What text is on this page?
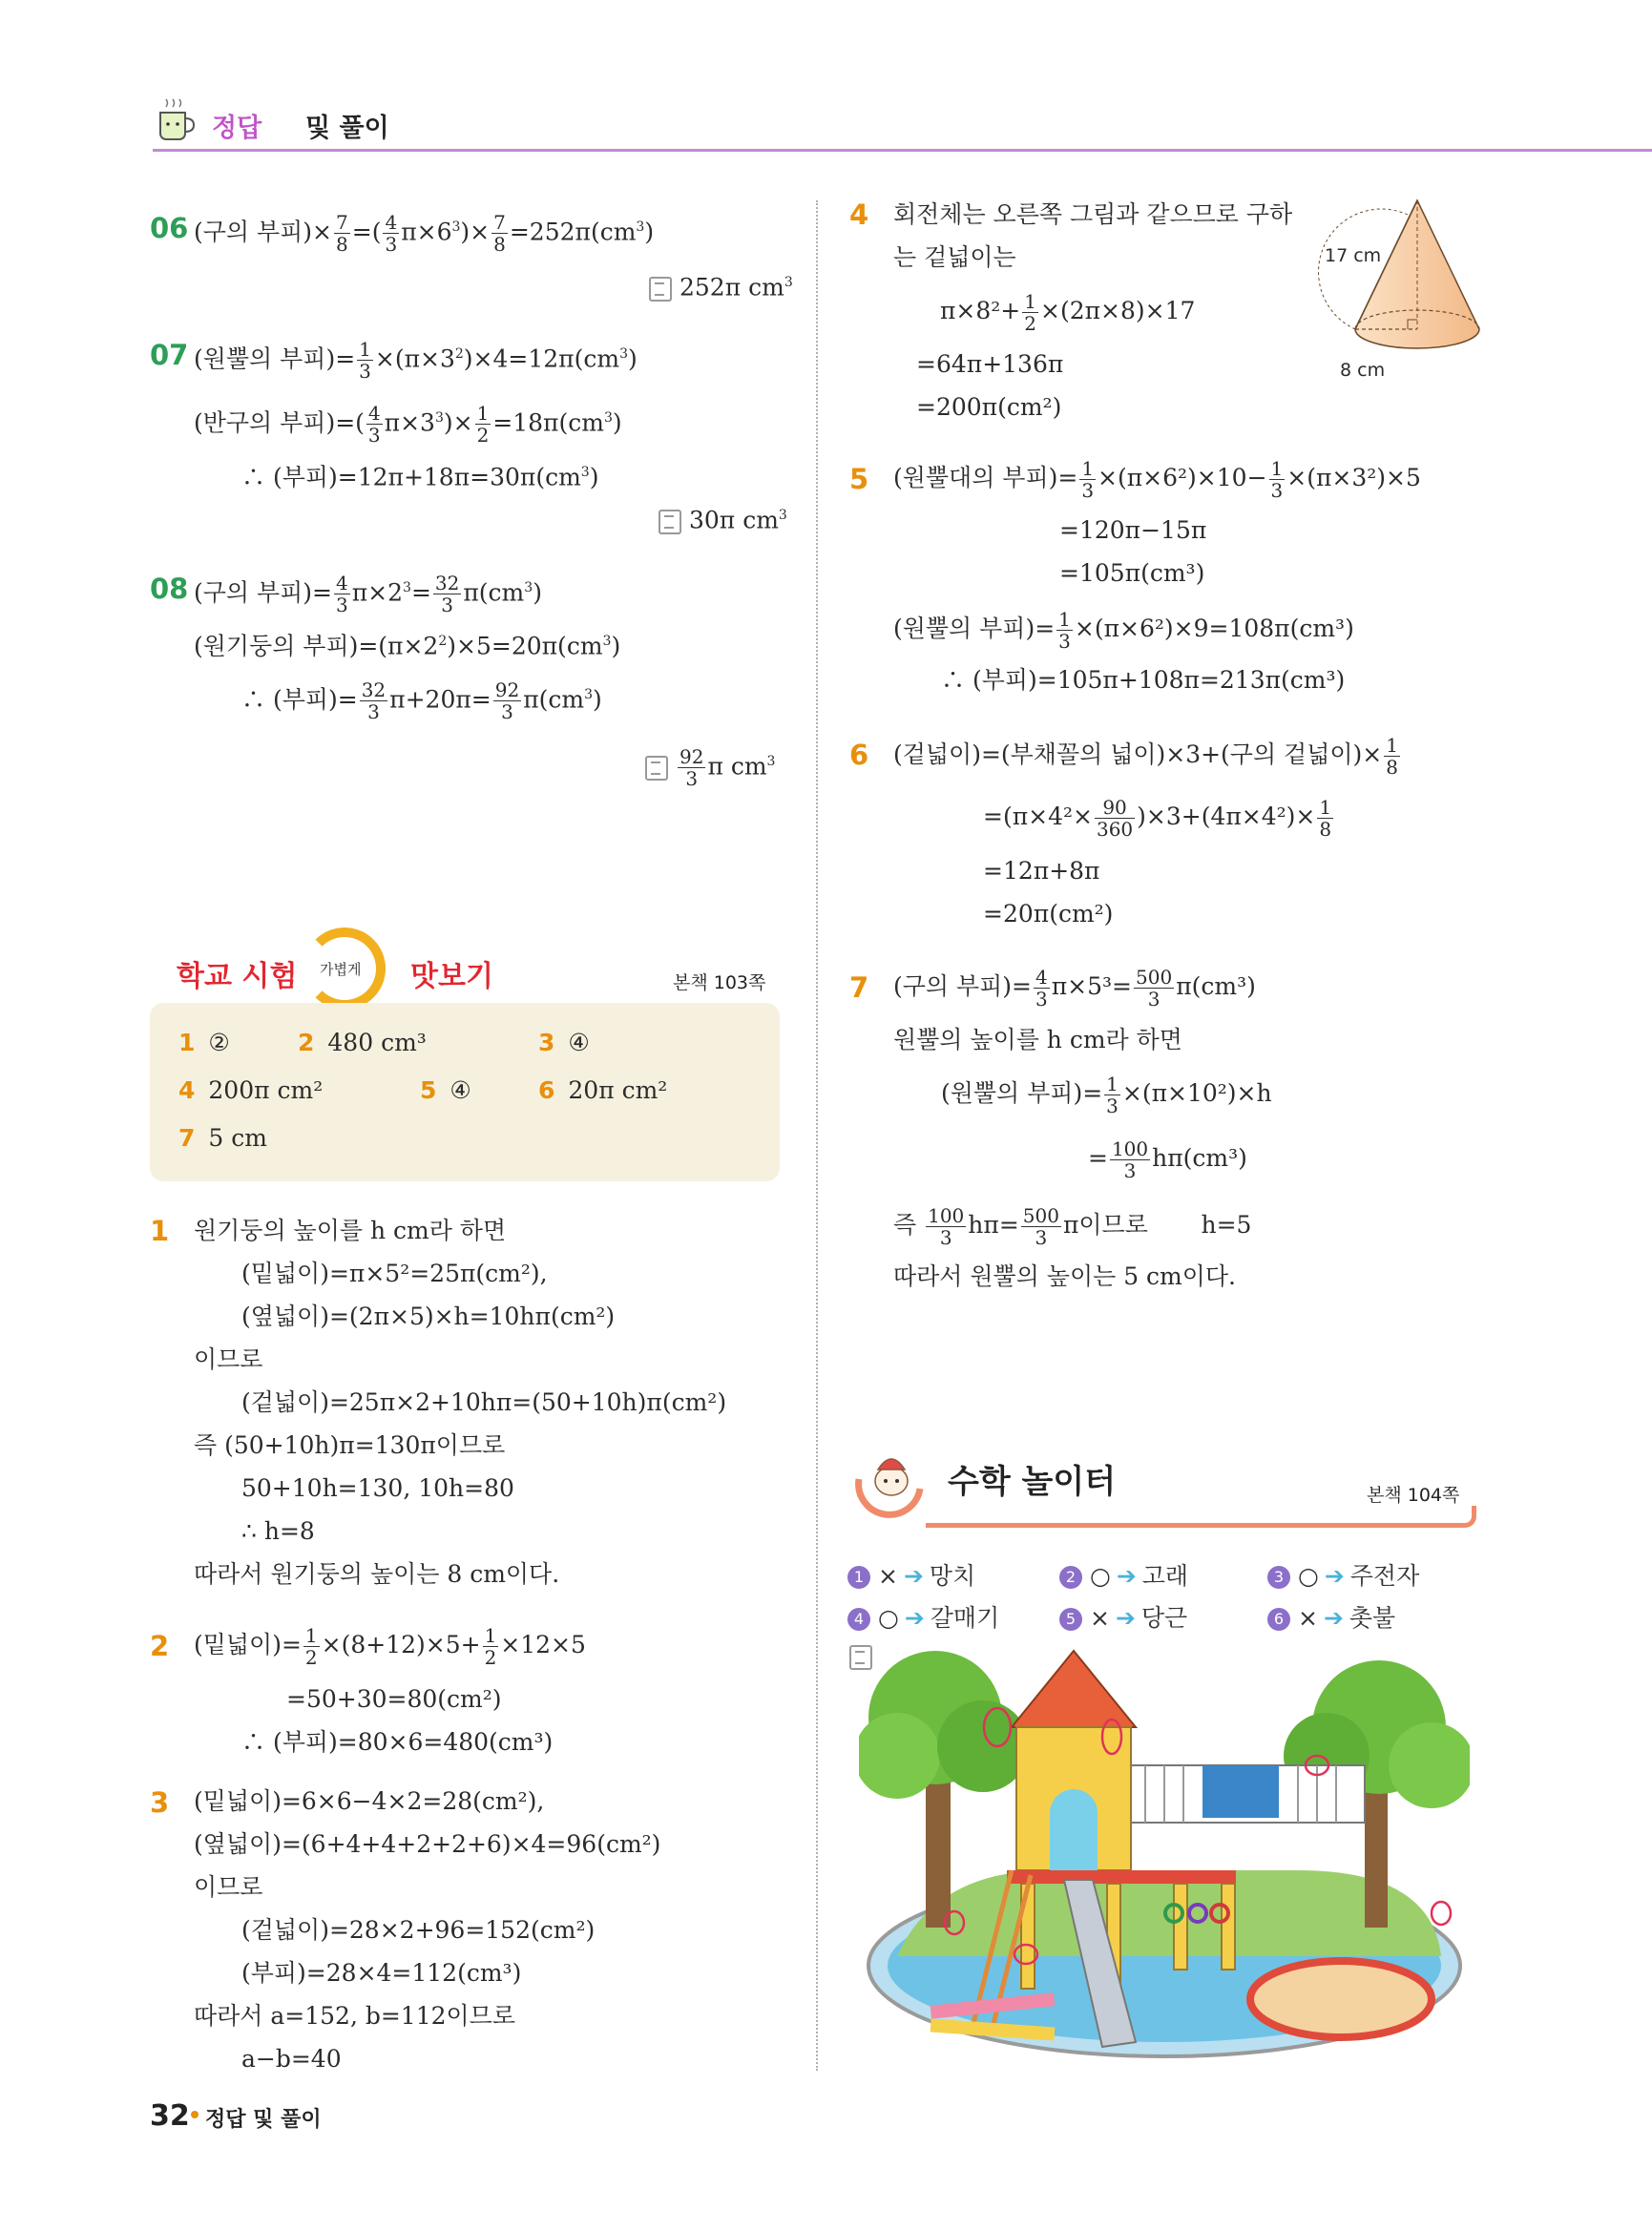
정답 및 풀이
06 (구의 부피)× $\frac{7}{8}$ =( $\frac{4}{3} \pi\times 6^3)\times \frac{7}{8} =252\pi(cm^3)$
252π $cm^3$
07 (원뿔의 부피)= $\frac{1}{3} \times(\pi\times 3^2)\times 4=12\pi(cm^3)$
(반구의 부피)=( $\frac{4}{3} \pi\times 3^3)\times \frac{1}{2} =18\pi(cm^3)$
∴ (부피)$=12\pi+18\pi=30\pi(cm^3)$
30π $cm^3$
08 (구의 부피)= $\frac{4}{3} \pi\times 2^3= \frac{32}{3} \pi(cm^3)$
(원기둥의 부피)$=(\pi\times 2^2)\times 5=20\pi(cm^3)$
∴ (부피)= $\frac{32}{3} \pi+20\pi= \frac{92}{3} \pi(cm^3)$
$\frac{92}{3}$ π $cm^3$
학교 시험 가볍게 맛보기	본책 103쪽
1 ②	2 480 cm³	3 ④
4 200π cm²	5 ④	6 20π cm²
7 5 cm
1 원기둥의 높이를 h cm라 하면
(밑넓이)=π×5²=25π(cm²),
(옆넓이)=(2π×5)×h=10hπ(cm²)
이므로
(겉넓이)=25π×2+10hπ=(50+10h)π(cm²)
즉 (50+10h)π=130π이므로
50+10h=130, 10h=80
∴ h=8
따라서 원기둥의 높이는 8 cm이다.
2 (밑넓이)= $\frac{1}{2} \times(8+12)\times 5+ \frac{1}{2} \times 12\times 5$
=50+30=80(cm²)
∴ (부피)=80×6=480(cm³)
3 (밑넓이)=6×6−4×2=28(cm²),
(옆넓이)=(6+4+4+2+2+6)×4=96(cm²)
이므로
(겉넓이)=28×2+96=152(cm²)
(부피)=28×4=112(cm³)
따라서 a=152, b=112이므로
a−b=40
4 회전체는 오른쪽 그림과 같으므로 구하
는 겉넓이는
$\pi\times 8^2+ \frac{1}{2} \times(2\pi\times 8)\times 17$
=64π+136π
=200π(cm²)
17 cm
8 cm
5 (원뿔대의 부피)= $\frac{1}{3} \times(\pi\times 6^2)\times 10- \frac{1}{3} \times(\pi\times 3^2)\times 5$
=120π−15π
=105π(cm³)
(원뿔의 부피)= $\frac{1}{3} \times(\pi\times 6^2)\times 9=108\pi(cm^3)$
∴ (부피)=105π+108π=213π(cm³)
6 (겉넓이)=(부채꼴의 넓이)×3+(구의 겉넓이)× $\frac{1}{8}$
$=(\pi\times 4^2\times \frac{90}{360} )\times 3+(4\pi\times 4^2)\times \frac{1}{8}$
=12π+8π
=20π(cm²)
7 (구의 부피)= $\frac{4}{3} \pi\times 5^3= \frac{500}{3} \pi(cm^3)$
원뿔의 높이를 h cm라 하면
(원뿔의 부피)= $\frac{1}{3} \times(\pi\times 10^2)\times h$
= $\frac{100}{3} h\pi(cm^3)$
즉 $\frac{100}{3} h\pi= \frac{500}{3}$ π이므로 h=5
따라서 원뿔의 높이는 5 cm이다.
수학 놀이터	본책 104쪽
1 × ➔ 망치	2 ○ ➔ 고래	3 ○ ➔ 주전자
4 ○ ➔ 갈매기	5 × ➔ 당근	6 × ➔ 촛불
32 정답 및 풀이
